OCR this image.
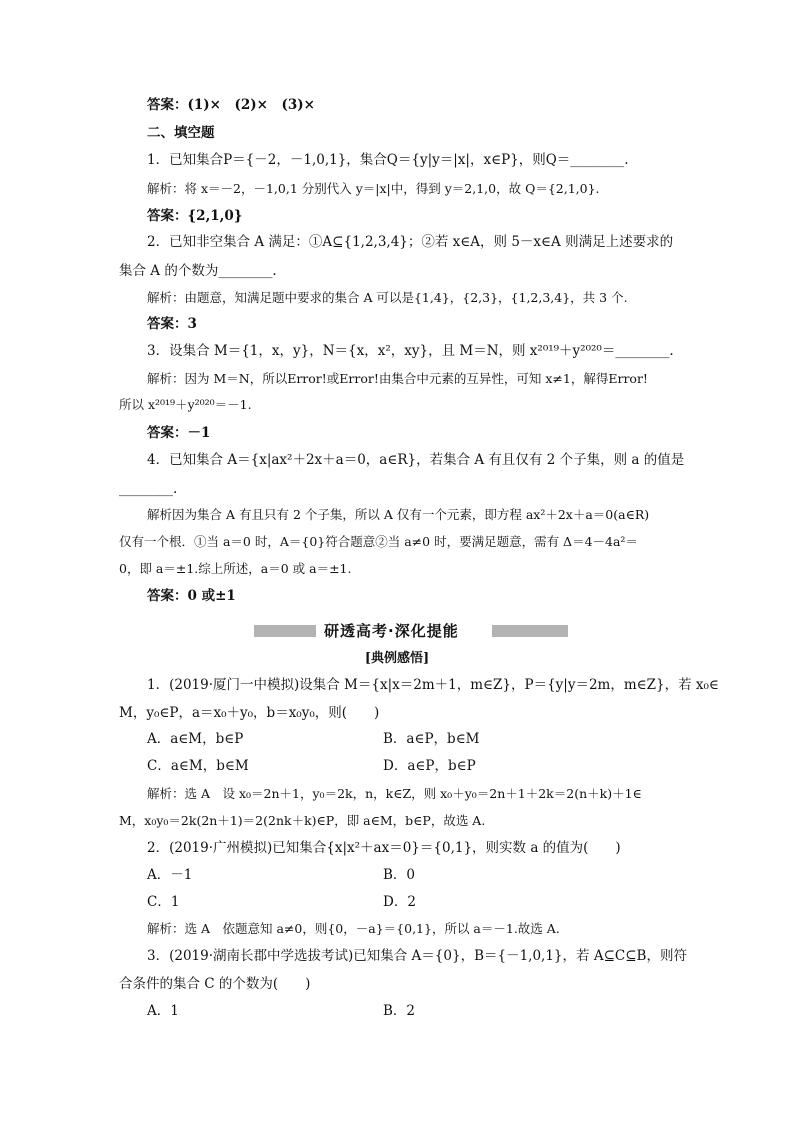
答案：(1)×　(2)×　(3)×
二、填空题
1．已知集合P＝{－2，－1,0,1}，集合Q＝{y|y＝|x|，x∈P}，则Q＝________.
解析：将 x＝－2，－1,0,1 分别代入 y＝|x|中，得到 y＝2,1,0，故 Q＝{2,1,0}.
答案：{2,1,0}
2．已知非空集合 A 满足：①A⊆{1,2,3,4}；②若 x∈A，则 5－x∈A 则满足上述要求的
集合 A 的个数为________.
解析：由题意，知满足题中要求的集合 A 可以是{1,4}，{2,3}，{1,2,3,4}，共 3 个.
答案：3
3．设集合 M＝{1，x，y}，N＝{x，x²，xy}，且 M＝N，则 x²⁰¹⁹＋y²⁰²⁰＝________.
解析：因为 M＝N，所以Error!或Error!由集合中元素的互异性，可知 x≠1，解得Error!
所以 x²⁰¹⁹＋y²⁰²⁰＝－1.
答案：－1
4．已知集合 A＝{x|ax²＋2x＋a＝0，a∈R}，若集合 A 有且仅有 2 个子集，则 a 的值是
________.
解析因为集合 A 有且只有 2 个子集，所以 A 仅有一个元素，即方程 ax²＋2x＋a＝0(a∈R)
仅有一个根．①当 a＝0 时，A＝{0}符合题意②当 a≠0 时，要满足题意，需有 Δ＝4－4a²＝
0，即 a＝±1.综上所述，a＝0 或 a＝±1.
答案：0 或±1
研透高考·深化提能
[典例感悟]
1．(2019·厦门一中模拟)设集合 M＝{x|x＝2m＋1，m∈Z}，P＝{y|y＝2m，m∈Z}，若 x₀∈
M，y₀∈P，a＝x₀＋y₀，b＝x₀y₀，则(　　)
A．a∈M，b∈P	B．a∈P，b∈M
C．a∈M，b∈M	D．a∈P，b∈P
解析：选 A　设 x₀＝2n＋1，y₀＝2k，n，k∈Z，则 x₀＋y₀＝2n＋1＋2k＝2(n＋k)＋1∈
M，x₀y₀＝2k(2n＋1)＝2(2nk＋k)∈P，即 a∈M，b∈P，故选 A.
2．(2019·广州模拟)已知集合{x|x²＋ax＝0}＝{0,1}，则实数 a 的值为(　　)
A．－1	B．0
C．1	D．2
解析：选 A　依题意知 a≠0，则{0，－a}＝{0,1}，所以 a＝－1.故选 A.
3．(2019·湖南长郡中学选拔考试)已知集合 A＝{0}，B＝{－1,0,1}，若 A⊆C⊆B，则符
合条件的集合 C 的个数为(　　)
A．1	B．2
